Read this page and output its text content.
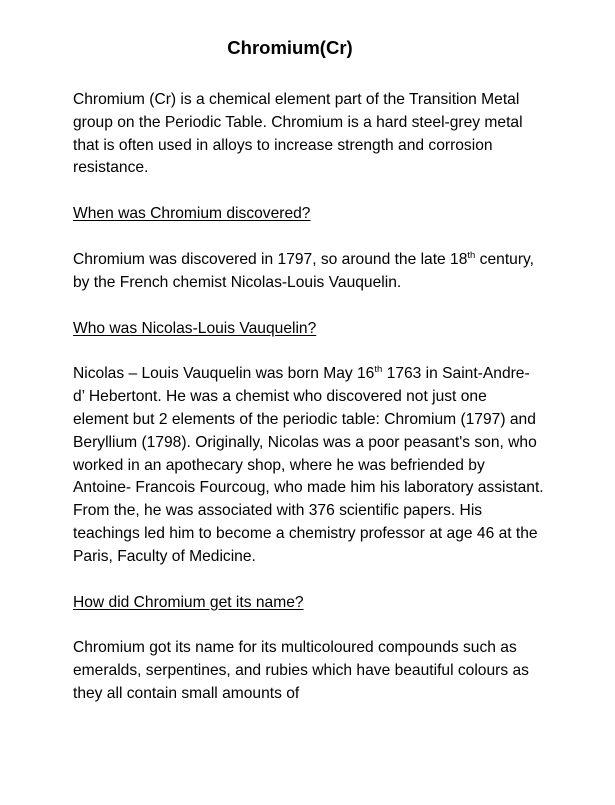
Chromium(Cr)

Chromium (Cr) is a chemical element part of the Transition Metal group on the Periodic Table. Chromium is a hard steel-grey metal that is often used in alloys to increase strength and corrosion resistance.

When was Chromium discovered?

Chromium was discovered in 1797, so around the late 18th century, by the French chemist Nicolas-Louis Vauquelin.

Who was Nicolas-Louis Vauquelin?

Nicolas – Louis Vauquelin was born May 16th 1763 in Saint-Andre- d’ Hebertont. He was a chemist who discovered not just one element but 2 elements of the periodic table: Chromium (1797) and Beryllium (1798). Originally, Nicolas was a poor peasant's son, who worked in an apothecary shop, where he was befriended by Antoine- Francois Fourcoug, who made him his laboratory assistant. From the, he was associated with 376 scientific papers. His teachings led him to become a chemistry professor at age 46 at the Paris, Faculty of Medicine.

How did Chromium get its name?

Chromium got its name for its multicoloured compounds such as emeralds, serpentines, and rubies which have beautiful colours as they all contain small amounts of
